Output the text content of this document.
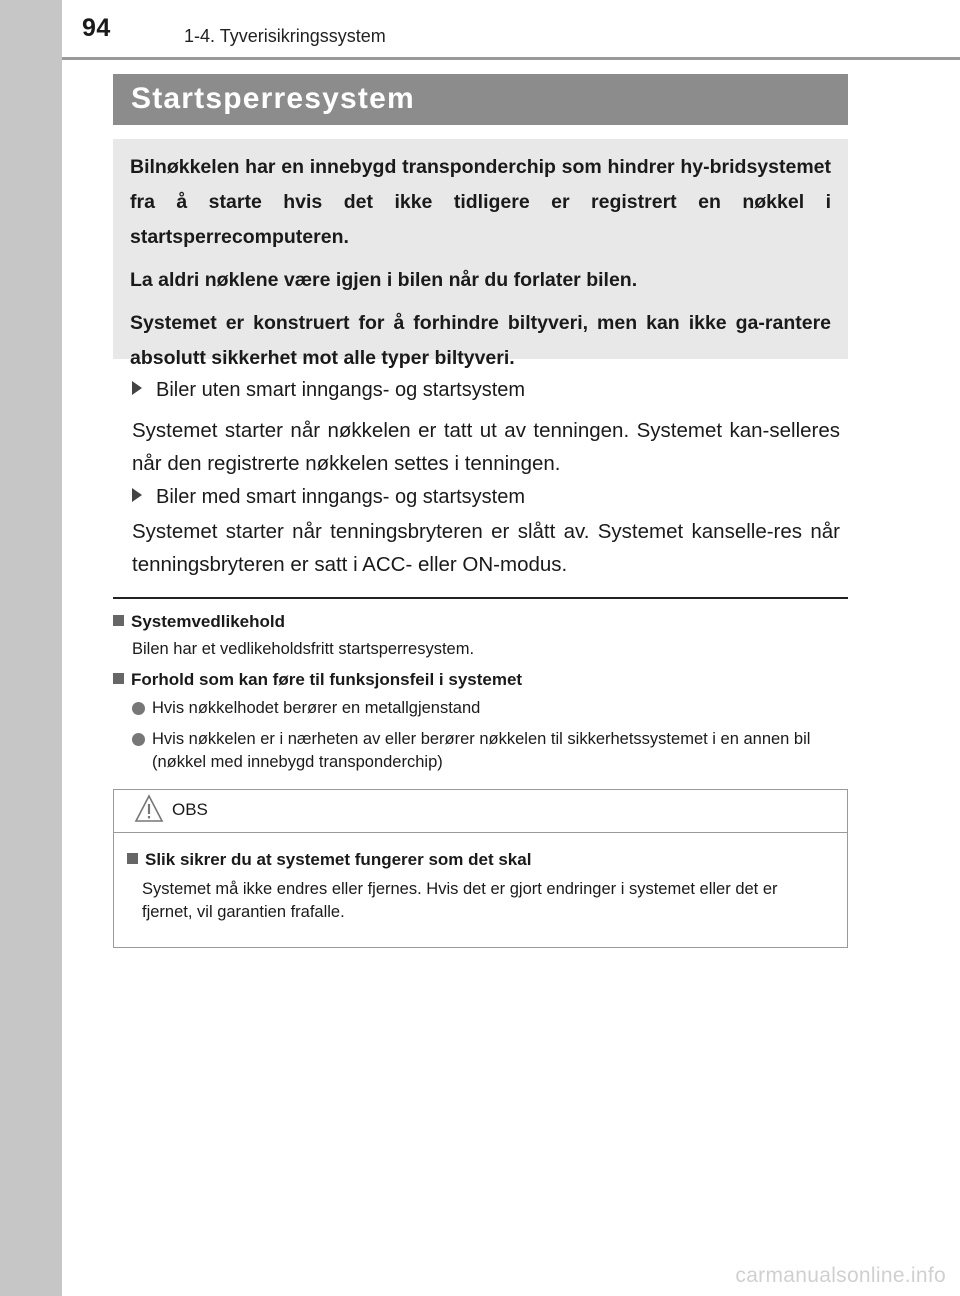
94	1-4. Tyverisikringssystem
Startsperresystem

Bilnøkkelen har en innebygd transponderchip som hindrer hy-bridsystemet fra å starte hvis det ikke tidligere er registrert en nøkkel i startsperrecomputeren.

La aldri nøklene være igjen i bilen når du forlater bilen.

Systemet er konstruert for å forhindre biltyveri, men kan ikke ga-rantere absolutt sikkerhet mot alle typer biltyveri.

Biler uten smart inngangs- og startsystem

Systemet starter når nøkkelen er tatt ut av tenningen. Systemet kan-selleres når den registrerte nøkkelen settes i tenningen.

Biler med smart inngangs- og startsystem

Systemet starter når tenningsbryteren er slått av. Systemet kanselle-res når tenningsbryteren er satt i ACC- eller ON-modus.

Systemvedlikehold

Bilen har et vedlikeholdsfritt startsperresystem.

Forhold som kan føre til funksjonsfeil i systemet
Hvis nøkkelhodet berører en metallgjenstand
Hvis nøkkelen er i nærheten av eller berører nøkkelen til sikkerhetssystemet i en annen bil (nøkkel med innebygd transponderchip)
OBS
Slik sikrer du at systemet fungerer som det skal

Systemet må ikke endres eller fjernes. Hvis det er gjort endringer i systemet eller det er fjernet, vil garantien frafalle.

carmanualsonline.info
